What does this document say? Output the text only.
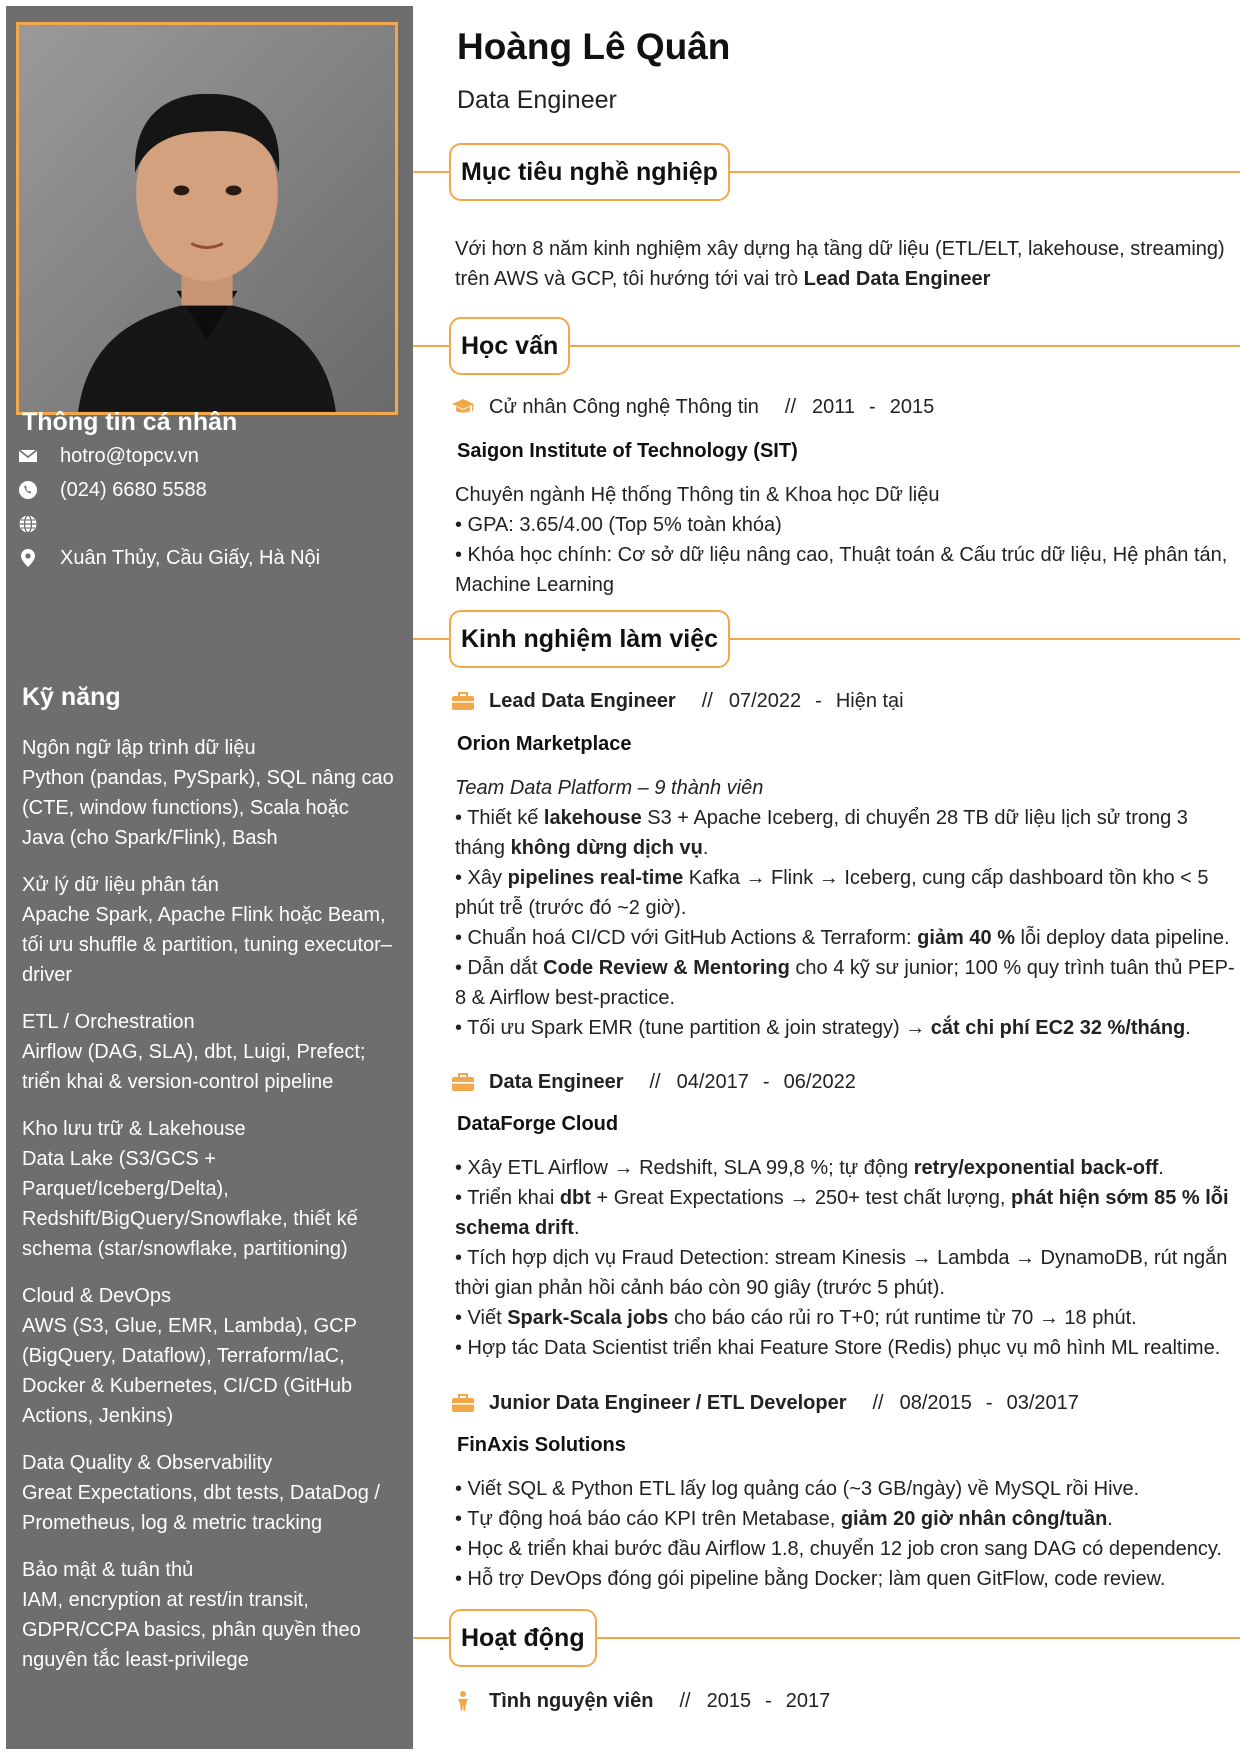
Thông tin cá nhân
hotro@topcv.vn
(024) 6680 5588
Xuân Thủy, Cầu Giấy, Hà Nội
Kỹ năng
Ngôn ngữ lập trình dữ liệu
Python (pandas, PySpark), SQL nâng cao (CTE, window functions), Scala hoặc Java (cho Spark/Flink), Bash
Xử lý dữ liệu phân tán
Apache Spark, Apache Flink hoặc Beam, tối ưu shuffle & partition, tuning executor–driver
ETL / Orchestration
Airflow (DAG, SLA), dbt, Luigi, Prefect; triển khai & version-control pipeline
Kho lưu trữ & Lakehouse
Data Lake (S3/GCS + Parquet/Iceberg/Delta), Redshift/BigQuery/Snowflake, thiết kế schema (star/snowflake, partitioning)
Cloud & DevOps
AWS (S3, Glue, EMR, Lambda), GCP (BigQuery, Dataflow), Terraform/IaC, Docker & Kubernetes, CI/CD (GitHub Actions, Jenkins)
Data Quality & Observability
Great Expectations, dbt tests, DataDog / Prometheus, log & metric tracking
Bảo mật & tuân thủ
IAM, encryption at rest/in transit, GDPR/CCPA basics, phân quyền theo nguyên tắc least-privilege
Hoàng Lê Quân
Data Engineer
Mục tiêu nghề nghiệp
Với hơn 8 năm kinh nghiệm xây dựng hạ tầng dữ liệu (ETL/ELT, lakehouse, streaming) trên AWS và GCP, tôi hướng tới vai trò Lead Data Engineer
Học vấn
Cử nhân Công nghệ Thông tin // 2011 - 2015
Saigon Institute of Technology (SIT)
Chuyên ngành Hệ thống Thông tin & Khoa học Dữ liệu
• GPA: 3.65/4.00 (Top 5% toàn khóa)
• Khóa học chính: Cơ sở dữ liệu nâng cao, Thuật toán & Cấu trúc dữ liệu, Hệ phân tán, Machine Learning
Kinh nghiệm làm việc
Lead Data Engineer // 07/2022 - Hiện tại
Orion Marketplace
Team Data Platform – 9 thành viên
• Thiết kế lakehouse S3 + Apache Iceberg, di chuyển 28 TB dữ liệu lịch sử trong 3 tháng không dừng dịch vụ.
• Xây pipelines real-time Kafka → Flink → Iceberg, cung cấp dashboard tồn kho < 5 phút trễ (trước đó ~2 giờ).
• Chuẩn hoá CI/CD với GitHub Actions & Terraform: giảm 40 % lỗi deploy data pipeline.
• Dẫn dắt Code Review & Mentoring cho 4 kỹ sư junior; 100 % quy trình tuân thủ PEP-8 & Airflow best-practice.
• Tối ưu Spark EMR (tune partition & join strategy) → cắt chi phí EC2 32 %/tháng.
Data Engineer // 04/2017 - 06/2022
DataForge Cloud
• Xây ETL Airflow → Redshift, SLA 99,8 %; tự động retry/exponential back-off.
• Triển khai dbt + Great Expectations → 250+ test chất lượng, phát hiện sớm 85 % lỗi schema drift.
• Tích hợp dịch vụ Fraud Detection: stream Kinesis → Lambda → DynamoDB, rút ngắn thời gian phản hồi cảnh báo còn 90 giây (trước 5 phút).
• Viết Spark-Scala jobs cho báo cáo rủi ro T+0; rút runtime từ 70 → 18 phút.
• Hợp tác Data Scientist triển khai Feature Store (Redis) phục vụ mô hình ML realtime.
Junior Data Engineer / ETL Developer // 08/2015 - 03/2017
FinAxis Solutions
• Viết SQL & Python ETL lấy log quảng cáo (~3 GB/ngày) về MySQL rồi Hive.
• Tự động hoá báo cáo KPI trên Metabase, giảm 20 giờ nhân công/tuần.
• Học & triển khai bước đầu Airflow 1.8, chuyển 12 job cron sang DAG có dependency.
• Hỗ trợ DevOps đóng gói pipeline bằng Docker; làm quen GitFlow, code review.
Hoạt động
Tình nguyện viên // 2015 - 2017
